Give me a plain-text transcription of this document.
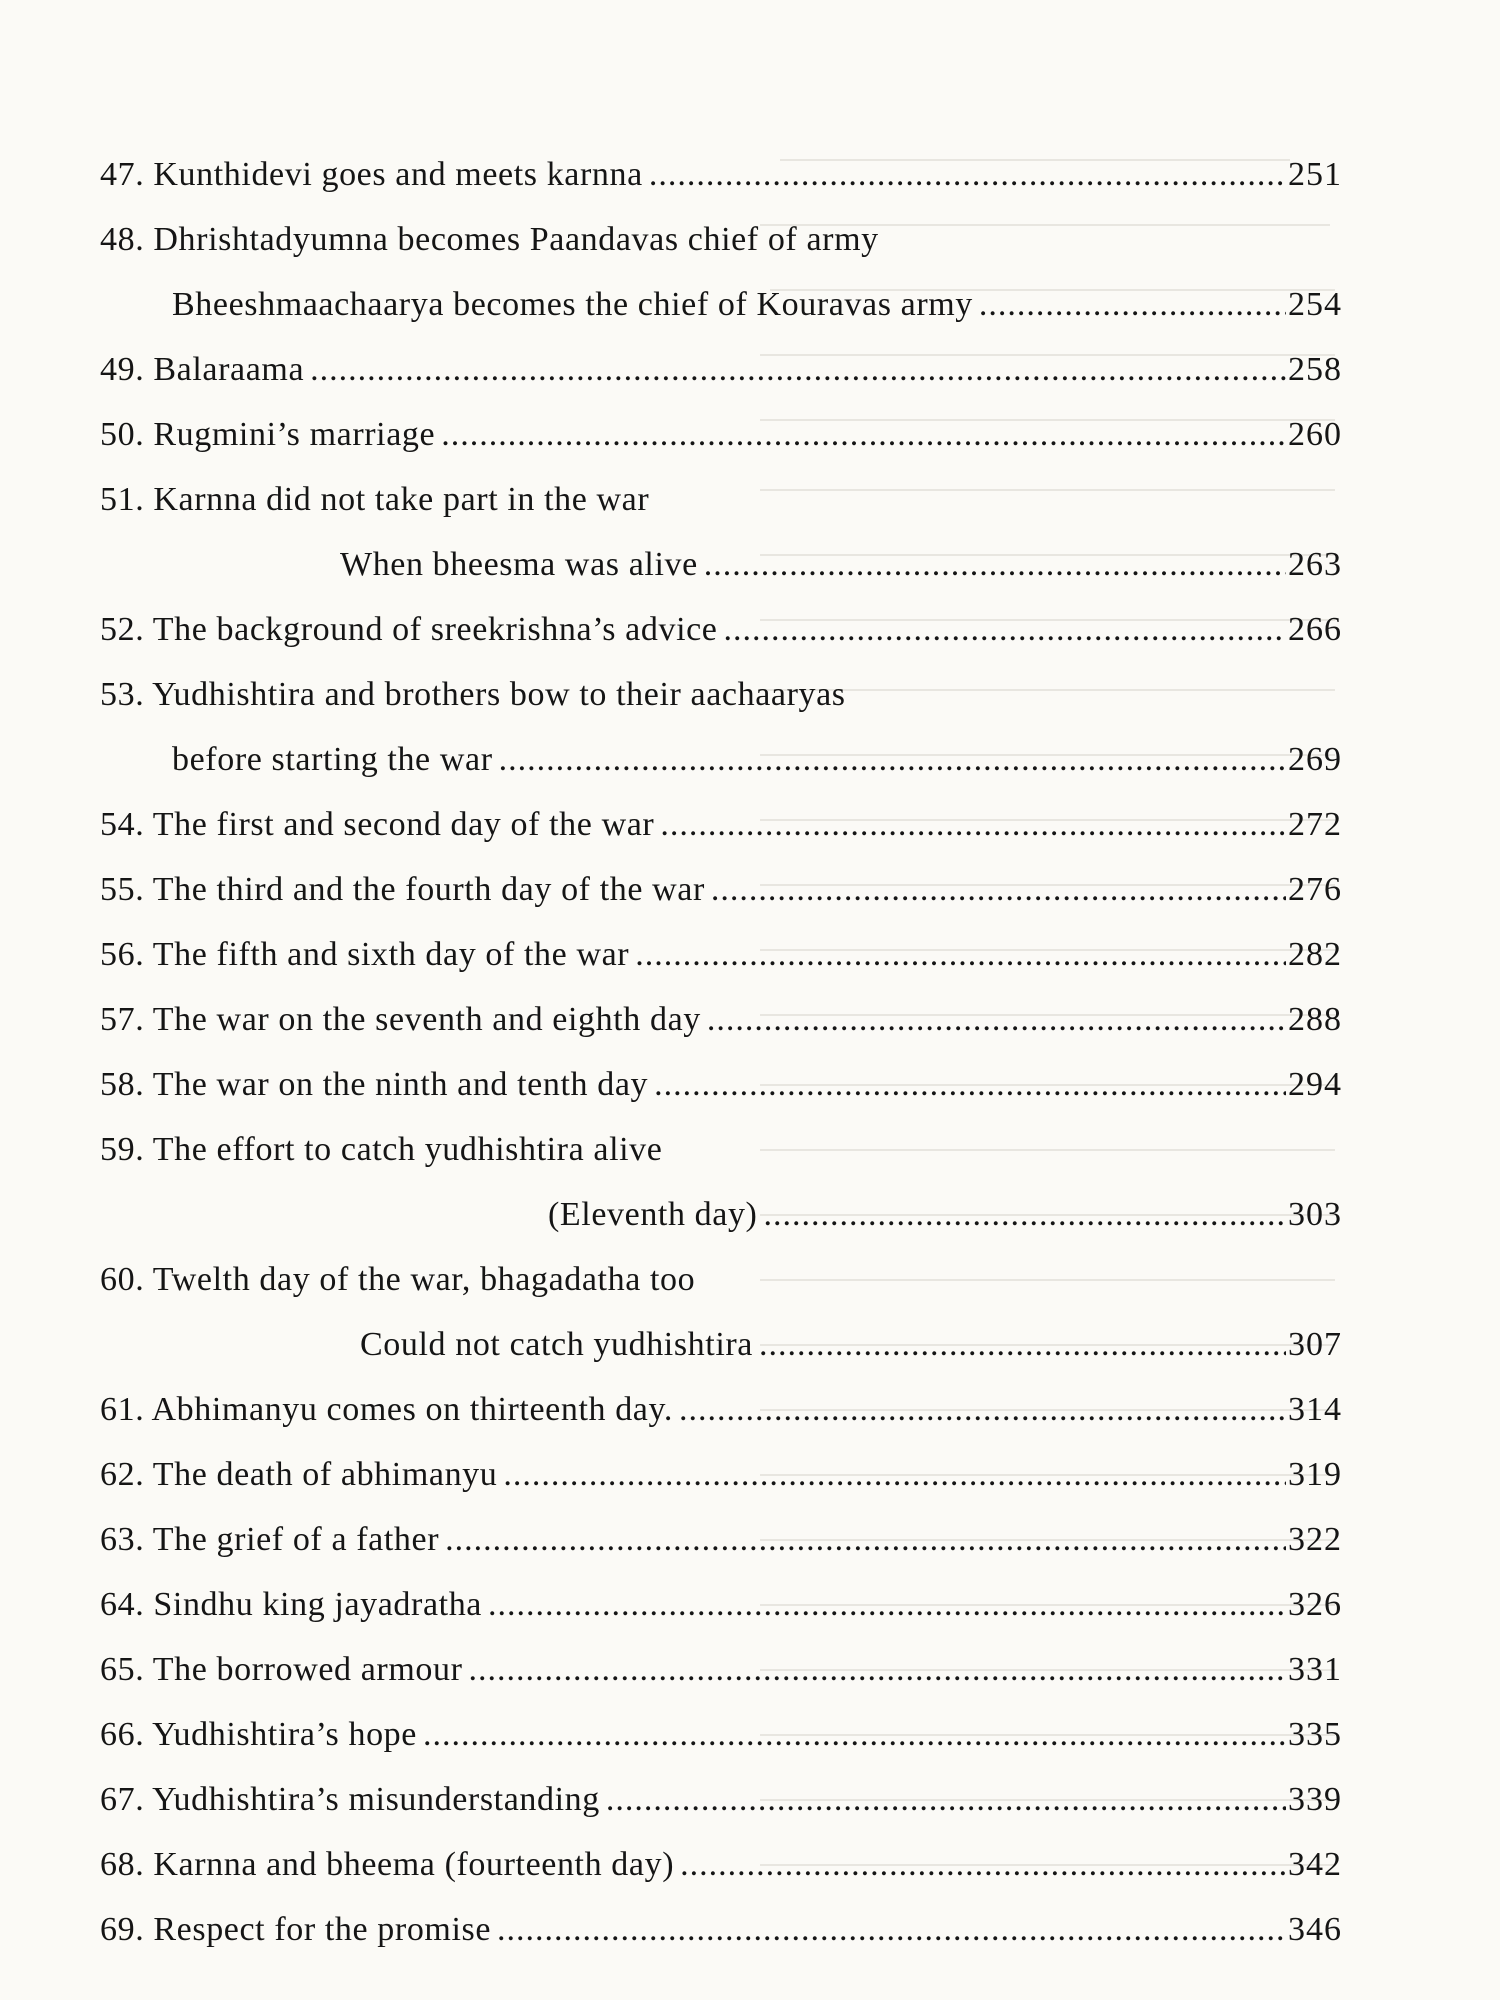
47. Kunthidevi goes and meets karnna .....	251
48. Dhrishtadyumna becomes Paandavas chief of army
Bheeshmaachaarya becomes the chief of Kouravas army .....	254
49. Balaraama .....	258
50. Rugmini’s marriage .....	260
51. Karnna did not take part in the war
When bheesma was alive .....	263
52. The background of sreekrishna’s advice .....	266
53. Yudhishtira and brothers bow to their aachaaryas
before starting the war .....	269
54. The first and second day of the war .....	272
55. The third and the fourth day of the war .....	276
56. The fifth and sixth day of the war .....	282
57. The war on the seventh and eighth day .....	288
58. The war on the ninth and tenth day .....	294
59. The effort to catch yudhishtira alive
(Eleventh day) .....	303
60. Twelth day of the war, bhagadatha too
Could not catch yudhishtira .....	307
61. Abhimanyu comes on thirteenth day. .....	314
62. The death of abhimanyu .....	319
63. The grief of a father .....	322
64. Sindhu king jayadratha .....	326
65. The borrowed armour .....	331
66. Yudhishtira’s hope .....	335
67. Yudhishtira’s misunderstanding .....	339
68. Karnna and bheema (fourteenth day) .....	342
69. Respect for the promise .....	346
